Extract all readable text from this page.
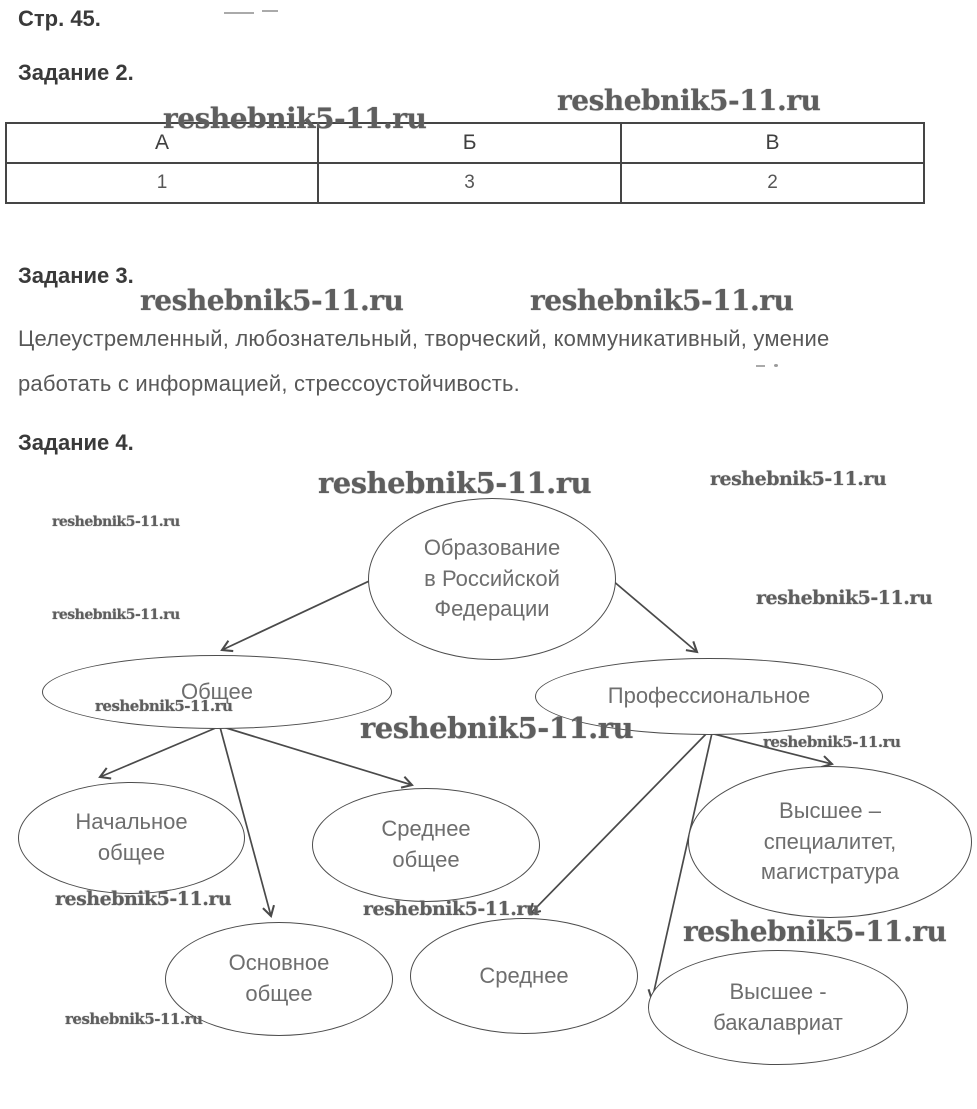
Стр. 45.
Задание 2.
reshebnik5-11.ru
reshebnik5-11.ru
А	Б	В
1	3	2
Задание 3.
reshebnik5-11.ru	reshebnik5-11.ru
Целеустремленный, любознательный, творческий, коммуникативный, умение
работать с информацией, стрессоустойчивость.
Задание 4.
reshebnik5-11.ru	reshebnik5-11.ru
reshebnik5-11.ru
reshebnik5-11.ru
reshebnik5-11.ru
reshebnik5-11.ru
reshebnik5-11.ru	reshebnik5-11.ru
reshebnik5-11.ru	reshebnik5-11.ru
reshebnik5-11.ru
reshebnik5-11.ru
Образование в Российской Федерации
Общее	Профессиональное
Начальное общее
Среднее общее
Высшее – специалитет, магистратура
Основное общее
Среднее
Высшее - бакалавриат
